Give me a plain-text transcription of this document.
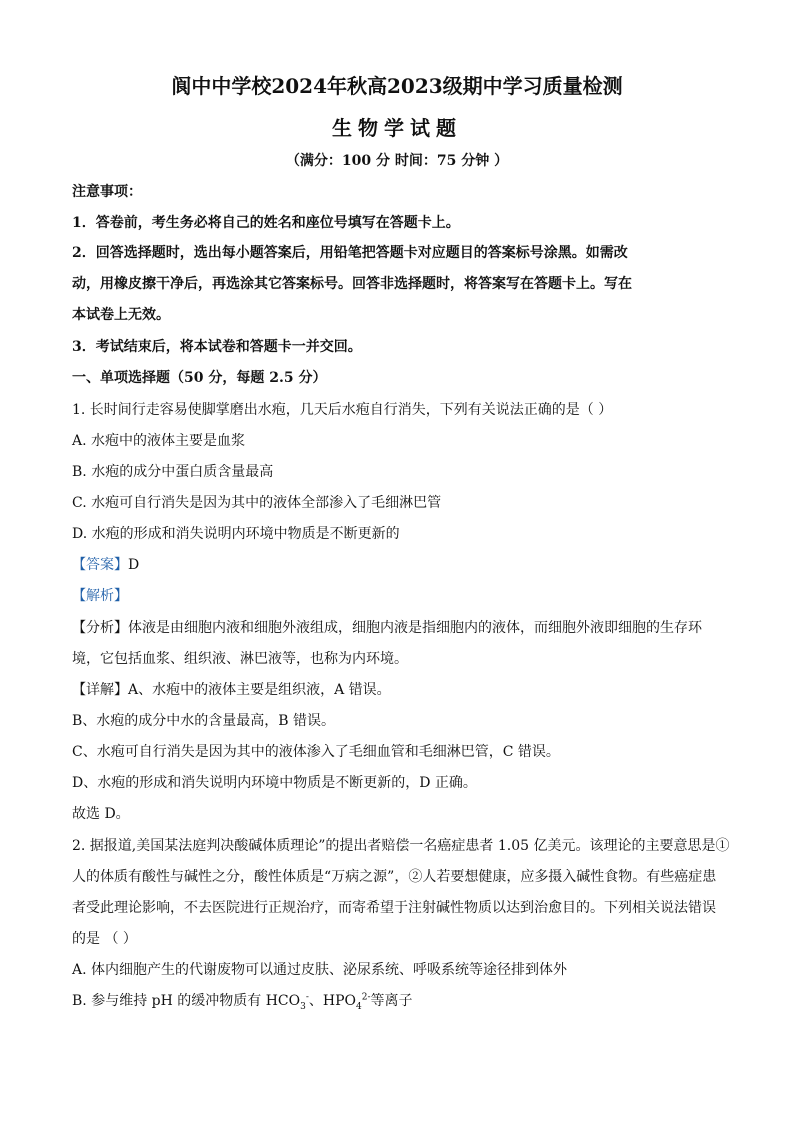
阆中中学校2024年秋高2023级期中学习质量检测
生物学试题
（满分：100 分 时间：75 分钟 ）
注意事项：
1．答卷前，考生务必将自己的姓名和座位号填写在答题卡上。
2．回答选择题时，选出每小题答案后，用铅笔把答题卡对应题目的答案标号涂黑。如需改
动，用橡皮擦干净后，再选涂其它答案标号。回答非选择题时，将答案写在答题卡上。写在
本试卷上无效。
3．考试结束后，将本试卷和答题卡一并交回。
一、单项选择题（50 分，每题 2.5 分）
1. 长时间行走容易使脚掌磨出水疱，几天后水疱自行消失，下列有关说法正确的是（ ）
A. 水疱中的液体主要是血浆
B. 水疱的成分中蛋白质含量最高
C. 水疱可自行消失是因为其中的液体全部渗入了毛细淋巴管
D. 水疱的形成和消失说明内环境中物质是不断更新的
【答案】D
【解析】
【分析】体液是由细胞内液和细胞外液组成，细胞内液是指细胞内的液体，而细胞外液即细胞的生存环
境，它包括血浆、组织液、淋巴液等，也称为内环境。
【详解】A、水疱中的液体主要是组织液，A 错误。
B、水疱的成分中水的含量最高，B 错误。
C、水疱可自行消失是因为其中的液体渗入了毛细血管和毛细淋巴管，C 错误。
D、水疱的形成和消失说明内环境中物质是不断更新的，D 正确。
故选 D。
2. 据报道,美国某法庭判决酸碱体质理论”的提出者赔偿一名癌症患者 1.05 亿美元。该理论的主要意思是①
人的体质有酸性与碱性之分，酸性体质是“万病之源”，②人若要想健康，应多摄入碱性食物。有些癌症患
者受此理论影响，不去医院进行正规治疗，而寄希望于注射碱性物质以达到治愈目的。下列相关说法错误
的是 （ ）
A. 体内细胞产生的代谢废物可以通过皮肤、泌尿系统、呼吸系统等途径排到体外
B. 参与维持 pH 的缓冲物质有 $HCO_3^-$、$HPO_4^{2-}$等离子
